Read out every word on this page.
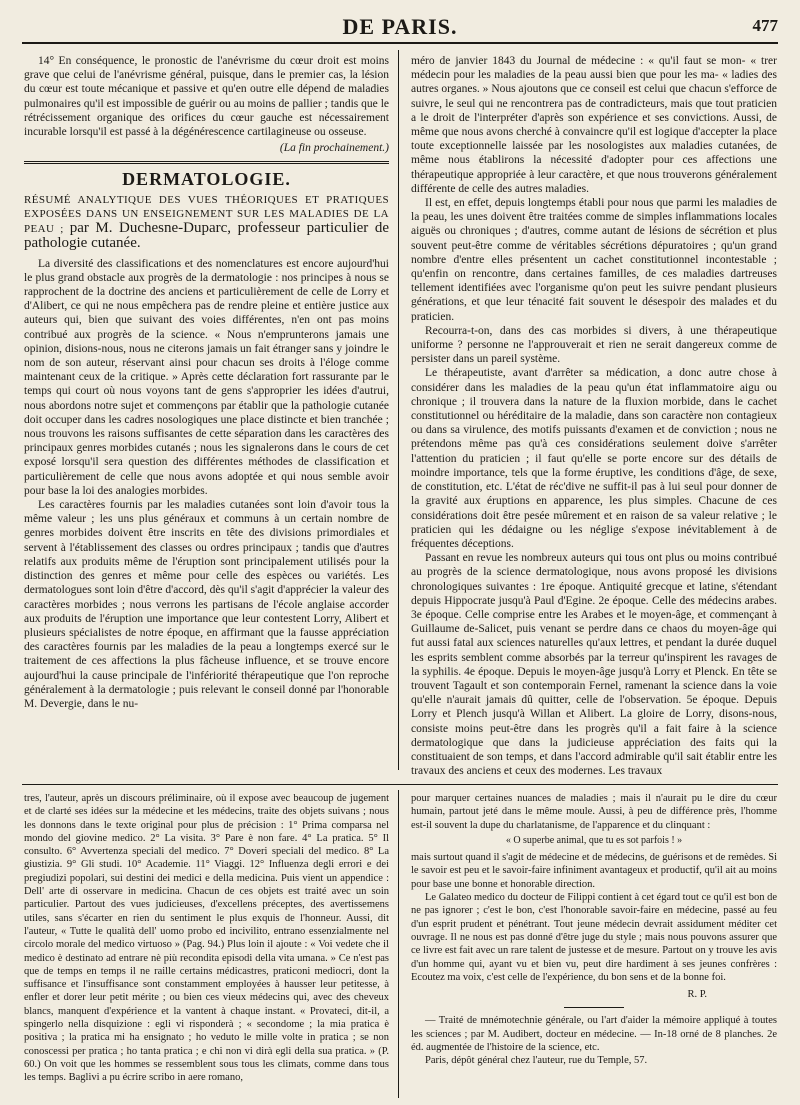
DE PARIS.	477

14° En conséquence, le pronostic de l'anévrisme du cœur droit est moins grave que celui de l'anévrisme général, puisque, dans le premier cas, la lésion du cœur est toute mécanique et passive et qu'en outre elle dépend de maladies pulmonaires qu'il est impossible de guérir ou au moins de pallier ; tandis que le rétrécissement organique des orifices du cœur gauche est nécessairement incurable lorsqu'il est passé à la dégénérescence cartilagineuse ou osseuse.

(La fin prochainement.)
DERMATOLOGIE.
RÉSUMÉ ANALYTIQUE DES VUES THÉORIQUES ET PRATIQUES EXPOSÉES DANS UN ENSEIGNEMENT SUR LES MALADIES DE LA PEAU ; par M. Duchesne-Duparc, professeur particulier de pathologie cutanée.

La diversité des classifications et des nomenclatures est encore aujourd'hui le plus grand obstacle aux progrès de la dermatologie : nos principes à nous se rapprochent de la doctrine des anciens et particulièrement de celle de Lorry et d'Alibert, ce qui ne nous empêchera pas de rendre pleine et entière justice aux auteurs qui, bien que suivant des voies différentes, n'en ont pas moins contribué aux progrès de la science. « Nous n'emprunterons jamais une opinion, disions-nous, nous ne citerons jamais un fait étranger sans y joindre le nom de son auteur, réservant ainsi pour chacun ses droits à l'éloge comme maintenant ceux de la critique. » Après cette déclaration fort rassurante par le temps qui court où nous voyons tant de gens s'approprier les idées d'autrui, nous abordons notre sujet et commençons par établir que la pathologie cutanée doit occuper dans les cadres nosologiques une place distincte et bien tranchée ; nous trouvons les raisons suffisantes de cette séparation dans les caractères des principaux genres morbides cutanés ; nous les signalerons dans le cours de cet exposé lorsqu'il sera question des différentes méthodes de classification et particulièrement de celle que nous avons adoptée et qui nous semble avoir pour base la loi des analogies morbides.

Les caractères fournis par les maladies cutanées sont loin d'avoir tous la même valeur ; les uns plus généraux et communs à un certain nombre de genres morbides doivent être inscrits en tête des divisions primordiales et servent à l'établissement des classes ou ordres principaux ; tandis que d'autres relatifs aux produits même de l'éruption sont principalement utilisés pour la distinction des genres et même pour celle des espèces ou variétés. Les dermatologues sont loin d'être d'accord, dès qu'il s'agit d'apprécier la valeur des caractères morbides ; nous verrons les partisans de l'école anglaise accorder aux produits de l'éruption une importance que leur contestent Lorry, Alibert et plusieurs spécialistes de notre époque, en affirmant que la fausse appréciation des caractères fournis par les maladies de la peau a longtemps exercé sur le traitement de ces affections la plus fâcheuse influence, et se trouve encore aujourd'hui la cause principale de l'infériorité thérapeutique que l'on reproche généralement à la dermatologie ; puis relevant le conseil donné par l'honorable M. Devergie, dans le nu-

méro de janvier 1843 du Journal de médecine : « qu'il faut se mon- « trer médecin pour les maladies de la peau aussi bien que pour les ma- « ladies des autres organes. » Nous ajoutons que ce conseil est celui que chacun s'efforce de suivre, le seul qui ne rencontrera pas de contradicteurs, mais que tout praticien a le droit de l'interpréter d'après son expérience et ses convictions. Aussi, de même que nous avons cherché à convaincre qu'il est logique d'accepter la place toute exceptionnelle laissée par les nosologistes aux maladies cutanées, de même nous établirons la nécessité d'adopter pour ces affections une thérapeutique appropriée à leur caractère, et que nous trouverons généralement différente de celle des autres maladies.

Il est, en effet, depuis longtemps établi pour nous que parmi les maladies de la peau, les unes doivent être traitées comme de simples inflammations locales aiguës ou chroniques ; d'autres, comme autant de lésions de sécrétion et plus souvent peut-être comme de véritables sécrétions dépuratoires ; qu'un grand nombre d'entre elles présentent un cachet constitutionnel incontestable ; qu'enfin on rencontre, dans certaines familles, de ces maladies dartreuses tellement identifiées avec l'organisme qu'on peut les suivre pendant plusieurs générations, et que leur ténacité fait souvent le désespoir des malades et du praticien.

Recourra-t-on, dans des cas morbides si divers, à une thérapeutique uniforme ? personne ne l'approuverait et rien ne serait dangereux comme de persister dans un pareil système.

Le thérapeutiste, avant d'arrêter sa médication, a donc autre chose à considérer dans les maladies de la peau qu'un état inflammatoire aigu ou chronique ; il trouvera dans la nature de la fluxion morbide, dans le cachet constitutionnel ou héréditaire de la maladie, dans son caractère non contagieux ou dans sa virulence, des motifs puissants d'examen et de conviction ; nous ne prétendons même pas qu'à ces considérations seulement doive s'arrêter l'attention du praticien ; il faut qu'elle se porte encore sur des détails de moindre importance, tels que la forme éruptive, les conditions d'âge, de sexe, de constitution, etc. L'état de réc'dive ne suffit-il pas à lui seul pour donner de la gravité aux éruptions en apparence, les plus simples. Chacune de ces considérations doit être pesée mûrement et en raison de sa valeur relative ; le praticien qui les dédaigne ou les néglige s'expose inévitablement à de fréquentes déceptions.

Passant en revue les nombreux auteurs qui tous ont plus ou moins contribué au progrès de la science dermatologique, nous avons proposé les divisions chronologiques suivantes : 1re époque. Antiquité grecque et latine, s'étendant depuis Hippocrate jusqu'à Paul d'Egine. 2e époque. Celle des médecins arabes. 3e époque. Celle comprise entre les Arabes et le moyen-âge, et commençant à Guillaume de-Salicet, puis venant se perdre dans ce chaos du moyen-âge qui fut aussi fatal aux sciences naturelles qu'aux lettres, et pendant la durée duquel les esprits semblent comme absorbés par la terreur qu'inspirent les ravages de la syphilis. 4e époque. Depuis le moyen-âge jusqu'à Lorry et Plenck. En tête se trouvent Tagault et son contemporain Fernel, ramenant la science dans la voie qu'elle n'aurait jamais dû quitter, celle de l'observation. 5e époque. Depuis Lorry et Plench jusqu'à Willan et Alibert. La gloire de Lorry, disons-nous, consiste moins peut-être dans les progrès qu'il a fait faire à la science dermatologique que dans la judicieuse appréciation des faits qui la constituaient de son temps, et dans l'accord admirable qu'il sait établir entre les travaux des anciens et ceux des modernes. Les travaux

tres, l'auteur, après un discours préliminaire, où il expose avec beaucoup de jugement et de clarté ses idées sur la médecine et les médecins, traite des objets suivans ; nous les donnons dans le texte original pour plus de précision : 1° Prima comparsa nel mondo del giovine medico. 2° La visita. 3° Pare è non fare. 4° La pratica. 5° Il consulto. 6° Avvertenza speciali del medico. 7° Doveri speciali del medico. 8° La giustizia. 9° Gli studi. 10° Academie. 11° Viaggi. 12° Influenza degli errori e dei pregiudizi popolari, sui destini dei medici e della medicina. Puis vient un appendice : Dell' arte di osservare in medicina. Chacun de ces objets est traité avec un soin particulier. Partout des vues judicieuses, d'excellens préceptes, des avertissemens utiles, sans s'écarter en rien du sentiment le plus exquis de l'honneur. Aussi, dit l'auteur, « Tutte le qualità dell' uomo probo ed incivilito, entrano essenzialmente nel circolo morale del medico virtuoso » (Pag. 94.) Plus loin il ajoute : « Voi vedete che il medico è destinato ad entrare nè più recondita episodi della vita umana. » Ce n'est pas que de temps en temps il ne raille certains médicastres, praticoni mediocri, dont la suffisance et l'insuffisance sont constamment employées à hausser leur petitesse, à enfler et dorer leur petit mérite ; ou bien ces vieux médecins qui, avec des cheveux blancs, manquent d'expérience et la vantent à chaque instant. « Provateci, dit-il, a spingerlo nella disquizione : egli vi risponderà ; « secondome ; la mia pratica è positiva ; la pratica mi ha ensignato ; ho veduto le mille volte in pratica ; se non conoscessi per pratica ; ho tanta pratica ; e chi non vi dirà egli della sua pratica. » (P. 60.) On voit que les hommes se ressemblent sous tous les climats, comme dans tous les temps. Baglivi a pu écrire scribo in aere romano,

pour marquer certaines nuances de maladies ; mais il n'aurait pu le dire du cœur humain, partout jeté dans le même moule. Aussi, à peu de différence près, l'homme est-il souvent la dupe du charlatanisme, de l'apparence et du clinquant :

« O superbe animal, que tu es sot parfois ! »

mais surtout quand il s'agit de médecine et de médecins, de guérisons et de remèdes. Si le savoir est peu et le savoir-faire infiniment avantageux et productif, qu'il ait au moins pour base une bonne et honorable direction.

Le Galateo medico du docteur de Filippi contient à cet égard tout ce qu'il est bon de ne pas ignorer ; c'est le bon, c'est l'honorable savoir-faire en médecine, passé au feu d'un esprit prudent et pénétrant. Tout jeune médecin devrait assidument méditer cet ouvrage. Il ne nous est pas donné d'être juge du style ; mais nous pouvons assurer que ce livre est fait avec un rare talent de justesse et de mesure. Partout on y trouve les avis d'un homme qui, ayant vu et bien vu, peut dire hardiment à ses jeunes confrères : Ecoutez ma voix, c'est celle de l'expérience, du bon sens et de la bonne foi.

R. P.

— Traité de mnémotechnie générale, ou l'art d'aider la mémoire appliqué à toutes les sciences ; par M. Audibert, docteur en médecine. — In-18 orné de 8 planches. 2e éd. augmentée de l'histoire de la science, etc.

Paris, dépôt général chez l'auteur, rue du Temple, 57.
